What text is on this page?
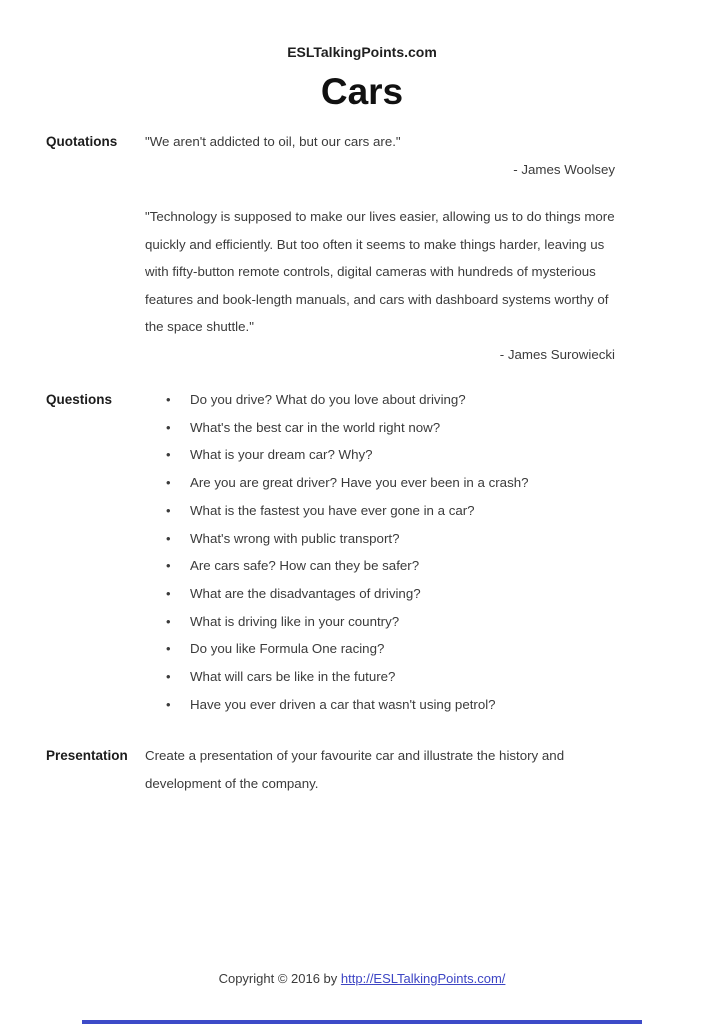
ESLTalkingPoints.com
Cars
Quotations	"We aren't addicted to oil, but our cars are."

- James Woolsey

"Technology is supposed to make our lives easier, allowing us to do things more quickly and efficiently. But too often it seems to make things harder, leaving us with fifty-button remote controls, digital cameras with hundreds of mysterious features and book-length manuals, and cars with dashboard systems worthy of the space shuttle."

- James Surowiecki

Questions	• Do you drive? What do you love about driving?
• What's the best car in the world right now?
• What is your dream car? Why?
• Are you are great driver? Have you ever been in a crash?
• What is the fastest you have ever gone in a car?
• What's wrong with public transport?
• Are cars safe? How can they be safer?
• What are the disadvantages of driving?
• What is driving like in your country?
• Do you like Formula One racing?
• What will cars be like in the future?
• Have you ever driven a car that wasn't using petrol?
Presentation	Create a presentation of your favourite car and illustrate the history and development of the company.

Copyright © 2016 by http://ESLTalkingPoints.com/
